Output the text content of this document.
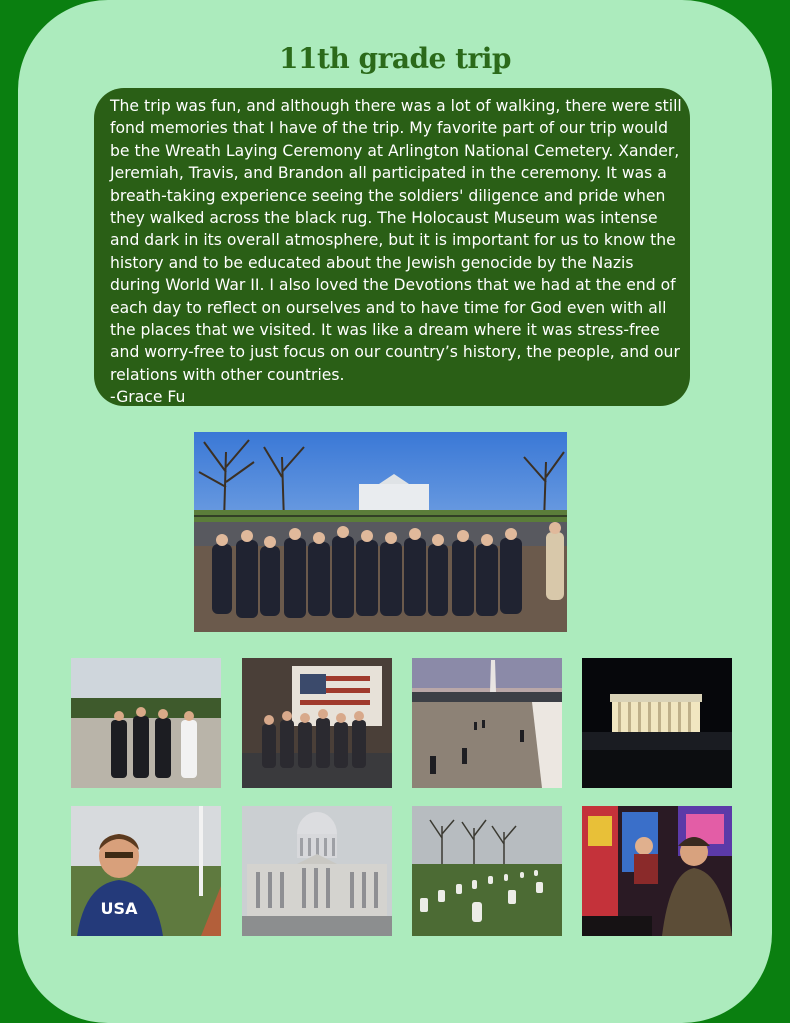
11th grade trip

The trip was fun, and although there was a lot of walking, there were still fond memories that I have of the trip. My favorite part of our trip would be the Wreath Laying Ceremony at Arlington National Cemetery. Xander, Jeremiah, Travis, and Brandon all participated in the ceremony. It was a breath-taking experience seeing the soldiers' diligence and pride when they walked across the black rug. The Holocaust Museum was intense and dark in its overall atmosphere, but it is important for us to know the history and to be educated about the Jewish genocide by the Nazis during World War II. I also loved the Devotions that we had at the end of each day to reflect on ourselves and to have time for God even with all the places that we visited. It was like a dream where it was stress-free and worry-free to just focus on our country’s history, the people, and our relations with other countries.
-Grace Fu

USA
